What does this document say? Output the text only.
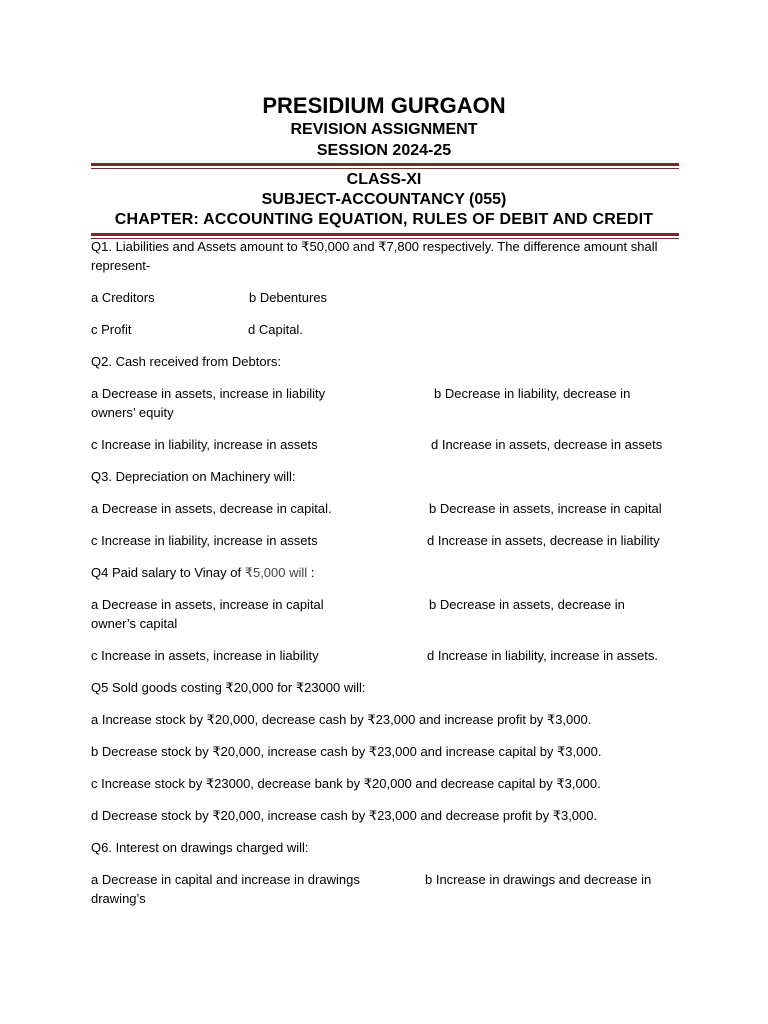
PRESIDIUM GURGAON
REVISION ASSIGNMENT
SESSION 2024-25
CLASS-XI
SUBJECT-ACCOUNTANCY (055)
CHAPTER: ACCOUNTING EQUATION, RULES OF DEBIT AND CREDIT
Q1. Liabilities and Assets amount to ₹50,000 and ₹7,800 respectively. The difference amount shall represent-
a Creditors	b Debentures
c Profit	d Capital.
Q2. Cash received from Debtors:
a Decrease in assets, increase in liability	b Decrease in liability, decrease in
owners’ equity
c Increase in liability, increase in assets	d Increase in assets, decrease in assets
Q3. Depreciation on Machinery will:
a Decrease in assets, decrease in capital.	b Decrease in assets, increase in capital
c Increase in liability, increase in assets	d Increase in assets, decrease in liability
Q4 Paid salary to Vinay of ₹5,000 will :
a Decrease in assets, increase in capital	b Decrease in assets, decrease in
owner’s capital
c Increase in assets, increase in liability	d Increase in liability, increase in assets.
Q5 Sold goods costing ₹20,000 for ₹23000 will:
a Increase stock by ₹20,000, decrease cash by ₹23,000 and increase profit by ₹3,000.
b Decrease stock by ₹20,000, increase cash by ₹23,000 and increase capital by ₹3,000.
c Increase stock by ₹23000, decrease bank by ₹20,000 and decrease capital by ₹3,000.
d Decrease stock by ₹20,000, increase cash by ₹23,000 and decrease profit by ₹3,000.
Q6. Interest on drawings charged will:
a Decrease in capital and increase in drawings	b Increase in drawings and decrease in
drawing’s
